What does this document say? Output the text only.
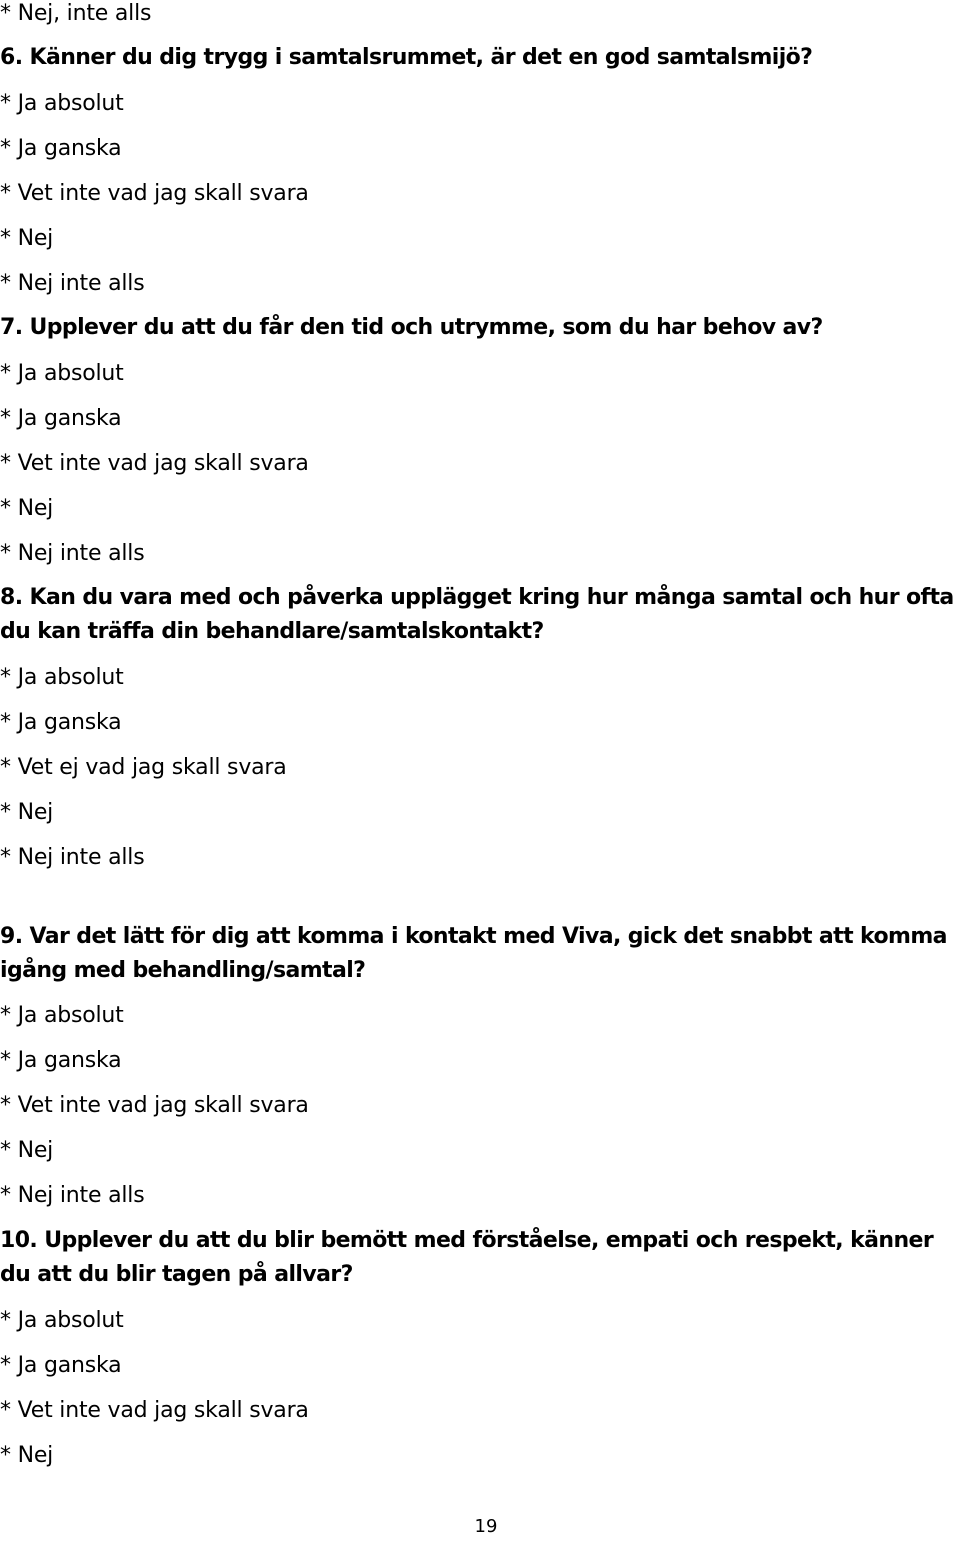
* Nej, inte alls
6. Känner du dig trygg i samtalsrummet, är det en god samtalsmijö?
* Ja absolut
* Ja ganska
* Vet inte vad jag skall svara
* Nej
* Nej inte alls
7. Upplever du att du får den tid och utrymme, som du har behov av?
* Ja absolut
* Ja ganska
* Vet inte vad jag skall svara
* Nej
* Nej inte alls
8. Kan du vara med och påverka upplägget kring hur många samtal och hur ofta du kan träffa din behandlare/samtalskontakt?
* Ja absolut
* Ja ganska
* Vet ej vad jag skall svara
* Nej
* Nej inte alls
9. Var det lätt för dig att komma i kontakt med Viva, gick det snabbt att komma igång med behandling/samtal?
* Ja absolut
* Ja ganska
* Vet inte vad jag skall svara
* Nej
* Nej inte alls
10. Upplever du att du blir bemött med förståelse, empati och respekt, känner du att du blir tagen på allvar?
* Ja absolut
* Ja ganska
* Vet inte vad jag skall svara
* Nej
19
